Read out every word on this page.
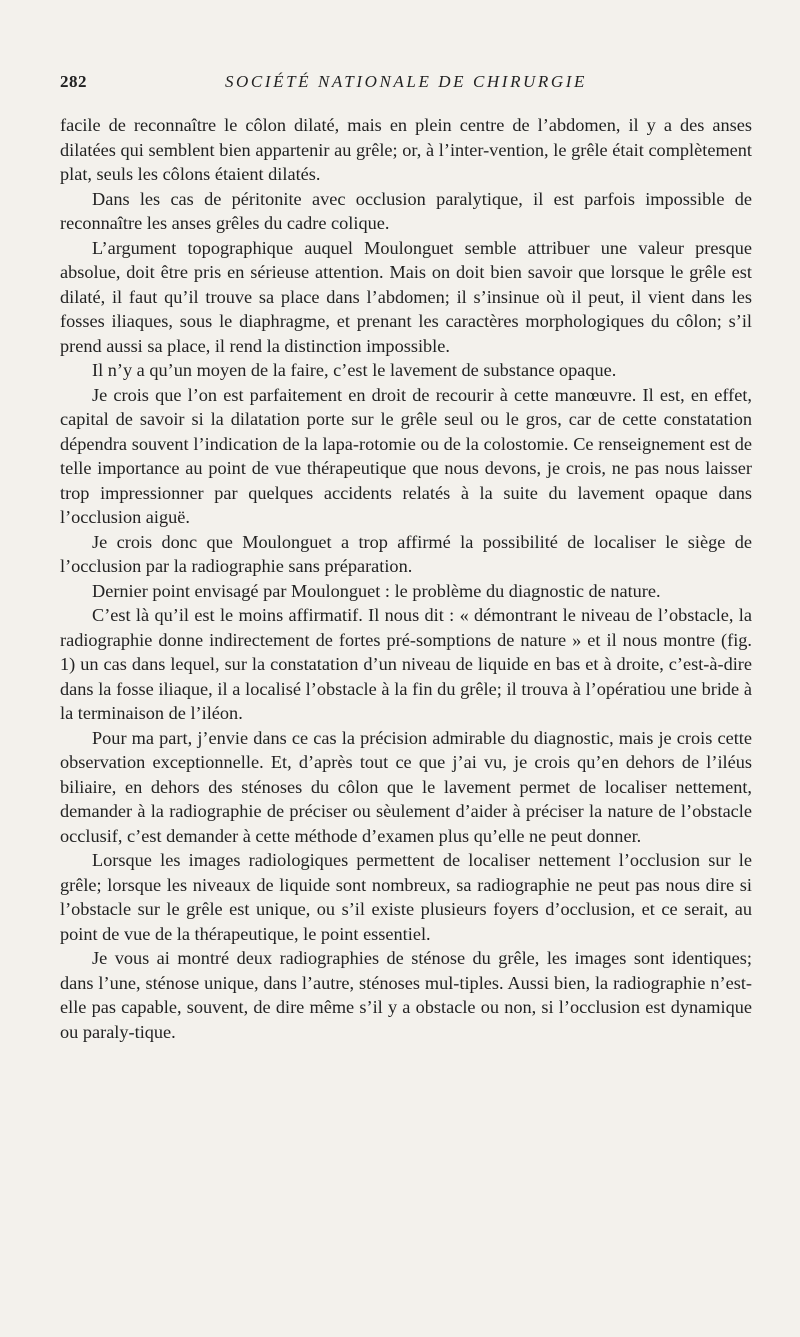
282	SOCIÉTÉ NATIONALE DE CHIRURGIE

facile de reconnaître le côlon dilaté, mais en plein centre de l’abdomen, il y a des anses dilatées qui semblent bien appartenir au grêle; or, à l’inter-vention, le grêle était complètement plat, seuls les côlons étaient dilatés.

Dans les cas de péritonite avec occlusion paralytique, il est parfois impossible de reconnaître les anses grêles du cadre colique.

L’argument topographique auquel Moulonguet semble attribuer une valeur presque absolue, doit être pris en sérieuse attention. Mais on doit bien savoir que lorsque le grêle est dilaté, il faut qu’il trouve sa place dans l’abdomen; il s’insinue où il peut, il vient dans les fosses iliaques, sous le diaphragme, et prenant les caractères morphologiques du côlon; s’il prend aussi sa place, il rend la distinction impossible.

Il n’y a qu’un moyen de la faire, c’est le lavement de substance opaque.

Je crois que l’on est parfaitement en droit de recourir à cette manœuvre. Il est, en effet, capital de savoir si la dilatation porte sur le grêle seul ou le gros, car de cette constatation dépendra souvent l’indication de la lapa-rotomie ou de la colostomie. Ce renseignement est de telle importance au point de vue thérapeutique que nous devons, je crois, ne pas nous laisser trop impressionner par quelques accidents relatés à la suite du lavement opaque dans l’occlusion aiguë.

Je crois donc que Moulonguet a trop affirmé la possibilité de localiser le siège de l’occlusion par la radiographie sans préparation.

Dernier point envisagé par Moulonguet : le problème du diagnostic de nature.

C’est là qu’il est le moins affirmatif. Il nous dit : « démontrant le niveau de l’obstacle, la radiographie donne indirectement de fortes pré-somptions de nature » et il nous montre (fig. 1) un cas dans lequel, sur la constatation d’un niveau de liquide en bas et à droite, c’est-à-dire dans la fosse iliaque, il a localisé l’obstacle à la fin du grêle; il trouva à l’opératiou une bride à la terminaison de l’iléon.

Pour ma part, j’envie dans ce cas la précision admirable du diagnostic, mais je crois cette observation exceptionnelle. Et, d’après tout ce que j’ai vu, je crois qu’en dehors de l’iléus biliaire, en dehors des sténoses du côlon que le lavement permet de localiser nettement, demander à la radiographie de préciser ou sèulement d’aider à préciser la nature de l’obstacle occlusif, c’est demander à cette méthode d’examen plus qu’elle ne peut donner.

Lorsque les images radiologiques permettent de localiser nettement l’occlusion sur le grêle; lorsque les niveaux de liquide sont nombreux, sa radiographie ne peut pas nous dire si l’obstacle sur le grêle est unique, ou s’il existe plusieurs foyers d’occlusion, et ce serait, au point de vue de la thérapeutique, le point essentiel.

Je vous ai montré deux radiographies de sténose du grêle, les images sont identiques; dans l’une, sténose unique, dans l’autre, sténoses mul-tiples. Aussi bien, la radiographie n’est-elle pas capable, souvent, de dire même s’il y a obstacle ou non, si l’occlusion est dynamique ou paraly-tique.
